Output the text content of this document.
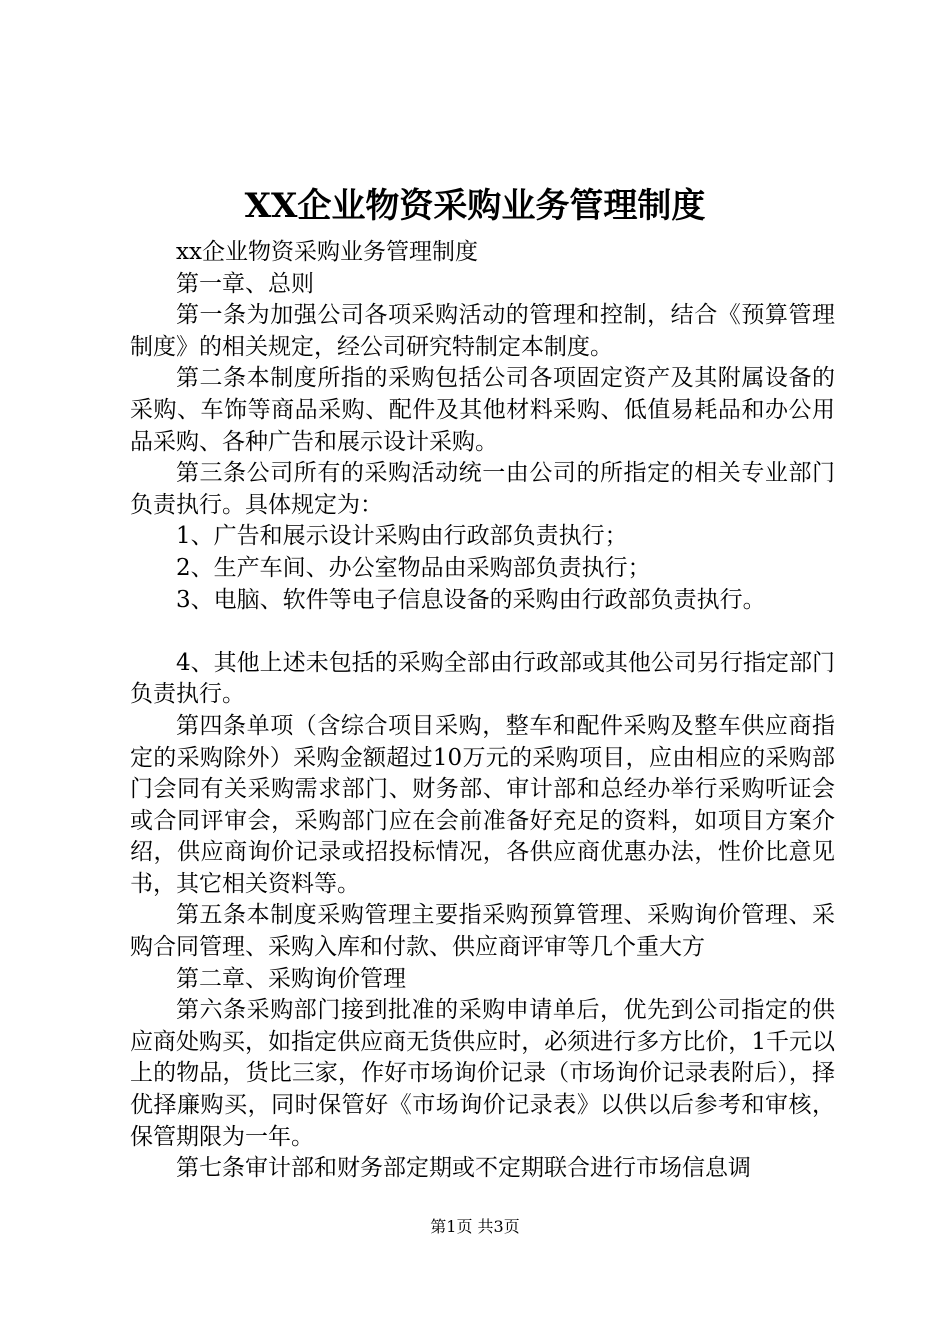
XX企业物资采购业务管理制度

xx企业物资采购业务管理制度

第一章、总则

第一条为加强公司各项采购活动的管理和控制，结合《预算管理制度》的相关规定，经公司研究特制定本制度。

第二条本制度所指的采购包括公司各项固定资产及其附属设备的采购、车饰等商品采购、配件及其他材料采购、低值易耗品和办公用品采购、各种广告和展示设计采购。

第三条公司所有的采购活动统一由公司的所指定的相关专业部门负责执行。具体规定为：

1、广告和展示设计采购由行政部负责执行；

2、生产车间、办公室物品由采购部负责执行；

3、电脑、软件等电子信息设备的采购由行政部负责执行。

4、其他上述未包括的采购全部由行政部或其他公司另行指定部门负责执行。

第四条单项（含综合项目采购，整车和配件采购及整车供应商指定的采购除外）采购金额超过10万元的采购项目，应由相应的采购部门会同有关采购需求部门、财务部、审计部和总经办举行采购听证会或合同评审会，采购部门应在会前准备好充足的资料，如项目方案介绍，供应商询价记录或招投标情况，各供应商优惠办法，性价比意见书，其它相关资料等。

第五条本制度采购管理主要指采购预算管理、采购询价管理、采购合同管理、采购入库和付款、供应商评审等几个重大方

第二章、采购询价管理

第六条采购部门接到批准的采购申请单后，优先到公司指定的供应商处购买，如指定供应商无货供应时，必须进行多方比价，1千元以上的物品，货比三家，作好市场询价记录（市场询价记录表附后），择优择廉购买，同时保管好《市场询价记录表》以供以后参考和审核，保管期限为一年。

第七条审计部和财务部定期或不定期联合进行市场信息调

第1页 共3页
